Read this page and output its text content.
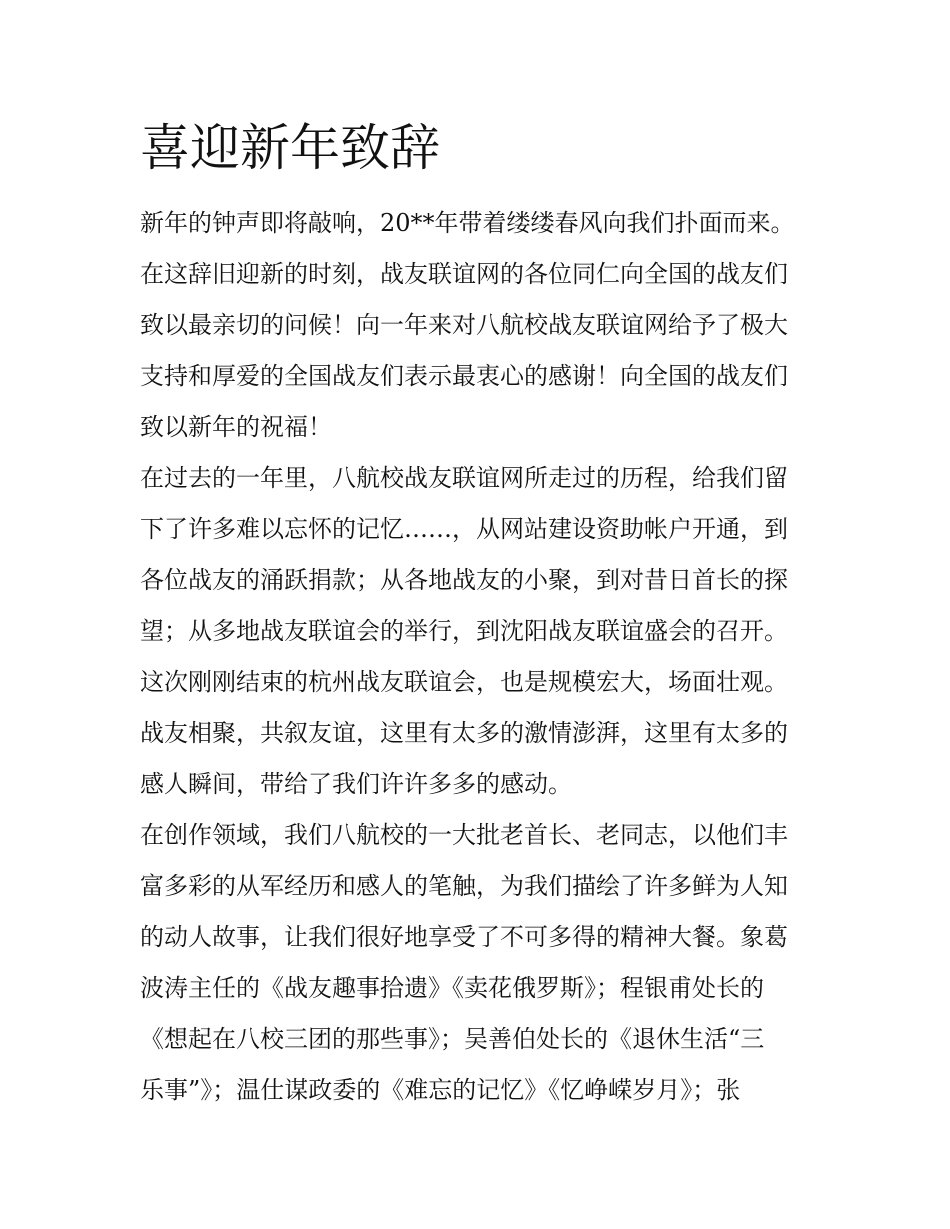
喜迎新年致辞
新年的钟声即将敲响，20**年带着缕缕春风向我们扑面而来。
在这辞旧迎新的时刻，战友联谊网的各位同仁向全国的战友们
致以最亲切的问候！向一年来对八航校战友联谊网给予了极大
支持和厚爱的全国战友们表示最衷心的感谢！向全国的战友们
致以新年的祝福！
在过去的一年里，八航校战友联谊网所走过的历程，给我们留
下了许多难以忘怀的记忆……，从网站建设资助帐户开通，到
各位战友的涌跃捐款；从各地战友的小聚，到对昔日首长的探
望；从多地战友联谊会的举行，到沈阳战友联谊盛会的召开。
这次刚刚结束的杭州战友联谊会，也是规模宏大，场面壮观。
战友相聚，共叙友谊，这里有太多的激情澎湃，这里有太多的
感人瞬间，带给了我们许许多多的感动。
在创作领域，我们八航校的一大批老首长、老同志，以他们丰
富多彩的从军经历和感人的笔触，为我们描绘了许多鲜为人知
的动人故事，让我们很好地享受了不可多得的精神大餐。象葛
波涛主任的《战友趣事拾遗》《卖花俄罗斯》；程银甫处长的
《想起在八校三团的那些事》；吴善伯处长的《退休生活“三
乐事”》；温仕谋政委的《难忘的记忆》《忆峥嵘岁月》；张
